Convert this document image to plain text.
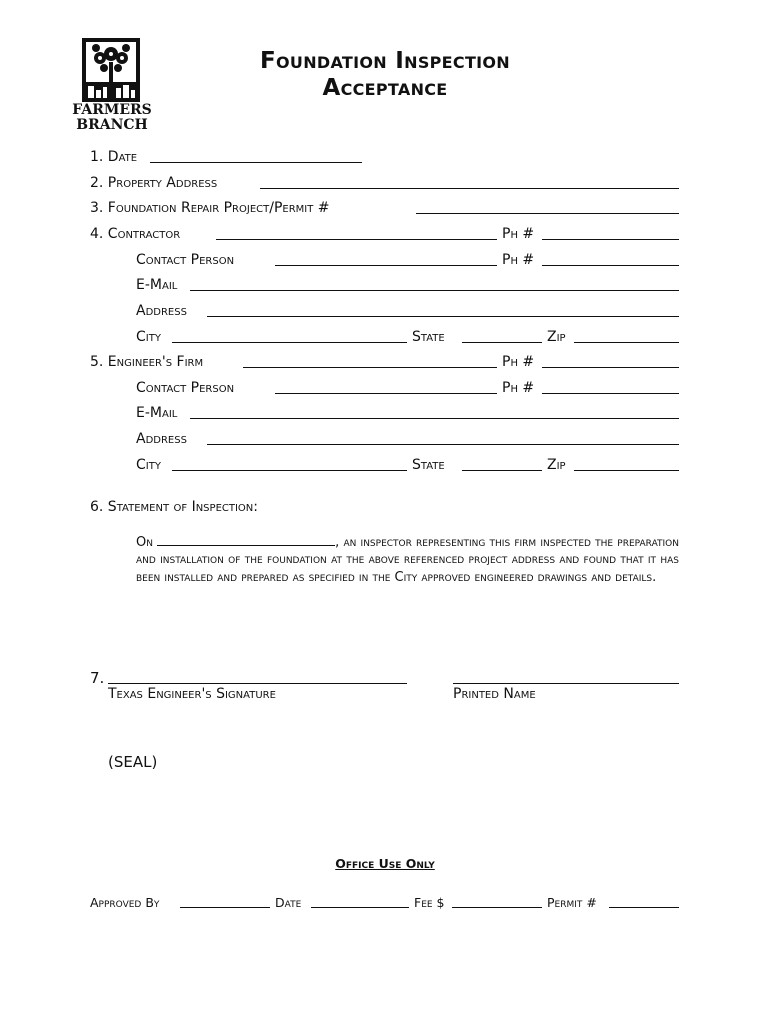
FARMERS
BRANCH
Foundation Inspection
Acceptance
1. Date
2. Property Address
3. Foundation Repair Project/Permit #
4. Contractor	Ph #
Contact Person	Ph #
E-Mail
Address
City	State	Zip
5. Engineer's Firm	Ph #
Contact Person	Ph #
E-Mail
Address
City	State	Zip
6. Statement of Inspection:
On	, an inspector representing this firm inspected the preparation and installation of the foundation at the above referenced project address and found that it has been installed and prepared as specified in the City approved engineered drawings and details.
7.
Texas Engineer's Signature	Printed Name
(SEAL)
Office Use Only
Approved By	Date	Fee $	Permit #
